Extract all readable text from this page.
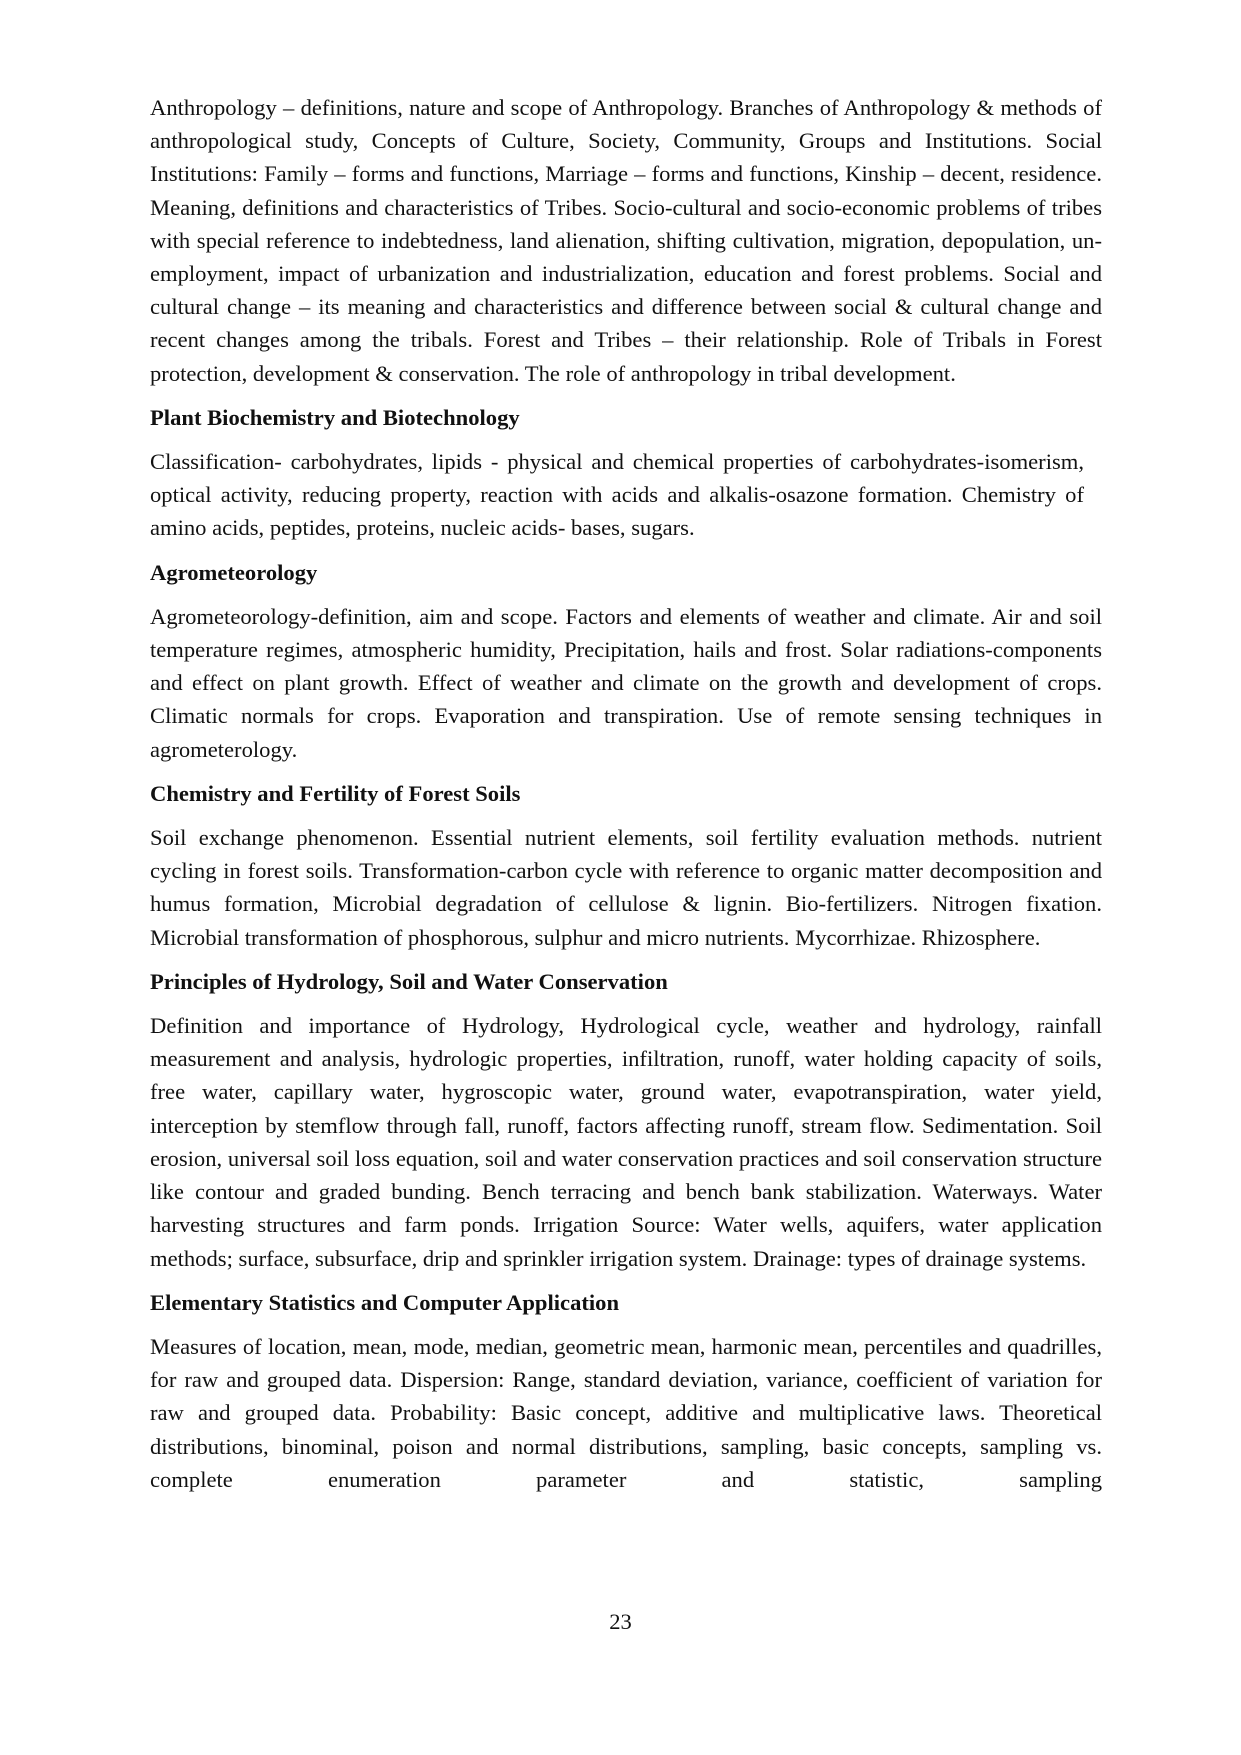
Anthropology – definitions, nature and scope of Anthropology. Branches of Anthropology & methods of anthropological study, Concepts of Culture, Society, Community, Groups and Institutions. Social Institutions: Family – forms and functions, Marriage – forms and functions, Kinship – decent, residence. Meaning, definitions and characteristics of Tribes. Socio-cultural and socio-economic problems of tribes with special reference to indebtedness, land alienation, shifting cultivation, migration, depopulation, un- employment, impact of urbanization and industrialization, education and forest problems. Social and cultural change – its meaning and characteristics and difference between social & cultural change and recent changes among the tribals. Forest and Tribes – their relationship. Role of Tribals in Forest protection, development & conservation. The role of anthropology in tribal development.

Plant Biochemistry and Biotechnology

Classification- carbohydrates, lipids - physical and chemical properties of carbohydrates-isomerism, optical activity, reducing property, reaction with acids and alkalis-osazone formation. Chemistry of amino acids, peptides, proteins, nucleic acids- bases, sugars.

Agrometeorology

Agrometeorology-definition, aim and scope. Factors and elements of weather and climate. Air and soil temperature regimes, atmospheric humidity, Precipitation, hails and frost. Solar radiations-components and effect on plant growth. Effect of weather and climate on the growth and development of crops. Climatic normals for crops. Evaporation and transpiration. Use of remote sensing techniques in agrometerology.

Chemistry and Fertility of Forest Soils

Soil exchange phenomenon. Essential nutrient elements, soil fertility evaluation methods. nutrient cycling in forest soils. Transformation-carbon cycle with reference to organic matter decomposition and humus formation, Microbial degradation of cellulose & lignin. Bio-fertilizers. Nitrogen fixation. Microbial transformation of phosphorous, sulphur and micro nutrients. Mycorrhizae. Rhizosphere.

Principles of Hydrology, Soil and Water Conservation

Definition and importance of Hydrology, Hydrological cycle, weather and hydrology, rainfall measurement and analysis, hydrologic properties, infiltration, runoff, water holding capacity of soils, free water, capillary water, hygroscopic water, ground water, evapotranspiration, water yield, interception by stemflow through fall, runoff, factors affecting runoff, stream flow. Sedimentation. Soil erosion, universal soil loss equation, soil and water conservation practices and soil conservation structure like contour and graded bunding. Bench terracing and bench bank stabilization. Waterways. Water harvesting structures and farm ponds. Irrigation Source: Water wells, aquifers, water application methods; surface, subsurface, drip and sprinkler irrigation system. Drainage: types of drainage systems.

Elementary Statistics and Computer Application

Measures of location, mean, mode, median, geometric mean, harmonic mean, percentiles and quadrilles, for raw and grouped data. Dispersion: Range, standard deviation, variance, coefficient of variation for raw and grouped data. Probability: Basic concept, additive and multiplicative laws. Theoretical distributions, binominal, poison and normal distributions, sampling, basic concepts, sampling vs. complete enumeration parameter and statistic, sampling

23
